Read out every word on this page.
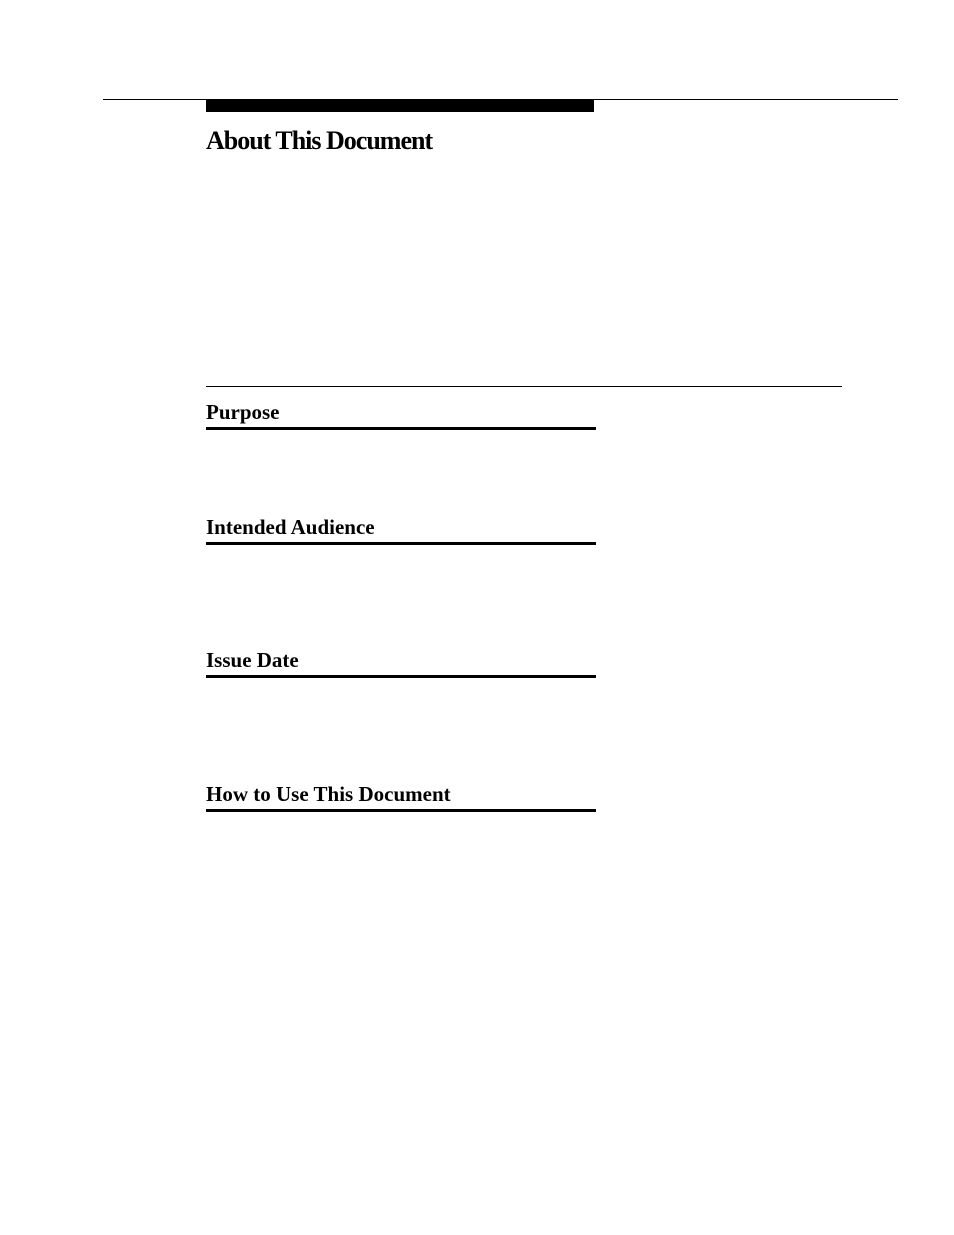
About This Document
Purpose
Intended Audience
Issue Date
How to Use This Document
